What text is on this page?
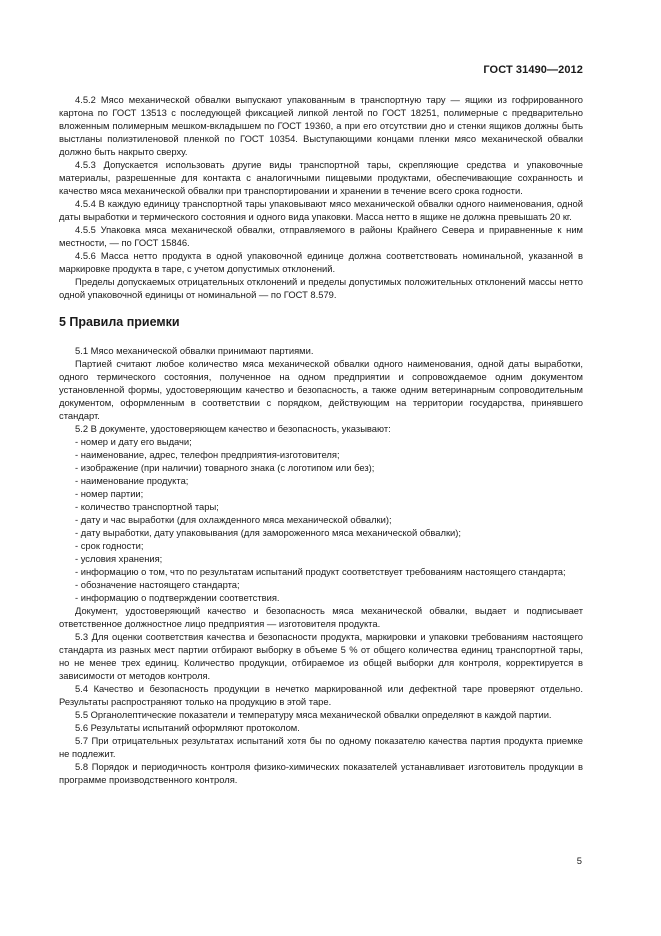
ГОСТ 31490—2012

4.5.2 Мясо механической обвалки выпускают упакованным в транспортную тару — ящики из гофрированного картона по ГОСТ 13513 с последующей фиксацией липкой лентой по ГОСТ 18251, полимерные с предварительно вложенным полимерным мешком-вкладышем по ГОСТ 19360, а при его отсутствии дно и стенки ящиков должны быть выстланы полиэтиленовой пленкой по ГОСТ 10354. Выступающими концами пленки мясо механической обвалки должно быть накрыто сверху.

4.5.3 Допускается использовать другие виды транспортной тары, скрепляющие средства и упаковочные материалы, разрешенные для контакта с аналогичными пищевыми продуктами, обеспечивающие сохранность и качество мяса механической обвалки при транспортировании и хранении в течение всего срока годности.

4.5.4 В каждую единицу транспортной тары упаковывают мясо механической обвалки одного наименования, одной даты выработки и термического состояния и одного вида упаковки. Масса нетто в ящике не должна превышать 20 кг.

4.5.5 Упаковка мяса механической обвалки, отправляемого в районы Крайнего Севера и приравненные к ним местности, — по ГОСТ 15846.

4.5.6 Масса нетто продукта в одной упаковочной единице должна соответствовать номинальной, указанной в маркировке продукта в таре, с учетом допустимых отклонений.

Пределы допускаемых отрицательных отклонений и пределы допустимых положительных отклонений массы нетто одной упаковочной единицы от номинальной — по ГОСТ 8.579.

5 Правила приемки

5.1 Мясо механической обвалки принимают партиями.

Партией считают любое количество мяса механической обвалки одного наименования, одной даты выработки, одного термического состояния, полученное на одном предприятии и сопровождаемое одним документом установленной формы, удостоверяющим качество и безопасность, а также одним ветеринарным сопроводительным документом, оформленным в соответствии с порядком, действующим на территории государства, принявшего стандарт.

5.2 В документе, удостоверяющем качество и безопасность, указывают:

- номер и дату его выдачи;

- наименование, адрес, телефон предприятия-изготовителя;

- изображение (при наличии) товарного знака (с логотипом или без);

- наименование продукта;

- номер партии;

- количество транспортной тары;

- дату и час выработки (для охлажденного мяса механической обвалки);

- дату выработки, дату упаковывания (для замороженного мяса механической обвалки);

- срок годности;

- условия хранения;

- информацию о том, что по результатам испытаний продукт соответствует требованиям настоящего стандарта;

- обозначение настоящего стандарта;

- информацию о подтверждении соответствия.

Документ, удостоверяющий качество и безопасность мяса механической обвалки, выдает и подписывает ответственное должностное лицо предприятия — изготовителя продукта.

5.3 Для оценки соответствия качества и безопасности продукта, маркировки и упаковки требованиям настоящего стандарта из разных мест партии отбирают выборку в объеме 5 % от общего количества единиц транспортной тары, но не менее трех единиц. Количество продукции, отбираемое из общей выборки для контроля, корректируется в зависимости от методов контроля.

5.4 Качество и безопасность продукции в нечетко маркированной или дефектной таре проверяют отдельно. Результаты распространяют только на продукцию в этой таре.

5.5 Органолептические показатели и температуру мяса механической обвалки определяют в каждой партии.

5.6 Результаты испытаний оформляют протоколом.

5.7 При отрицательных результатах испытаний хотя бы по одному показателю качества партия продукта приемке не подлежит.

5.8 Порядок и периодичность контроля физико-химических показателей устанавливает изготовитель продукции в программе производственного контроля.

5
